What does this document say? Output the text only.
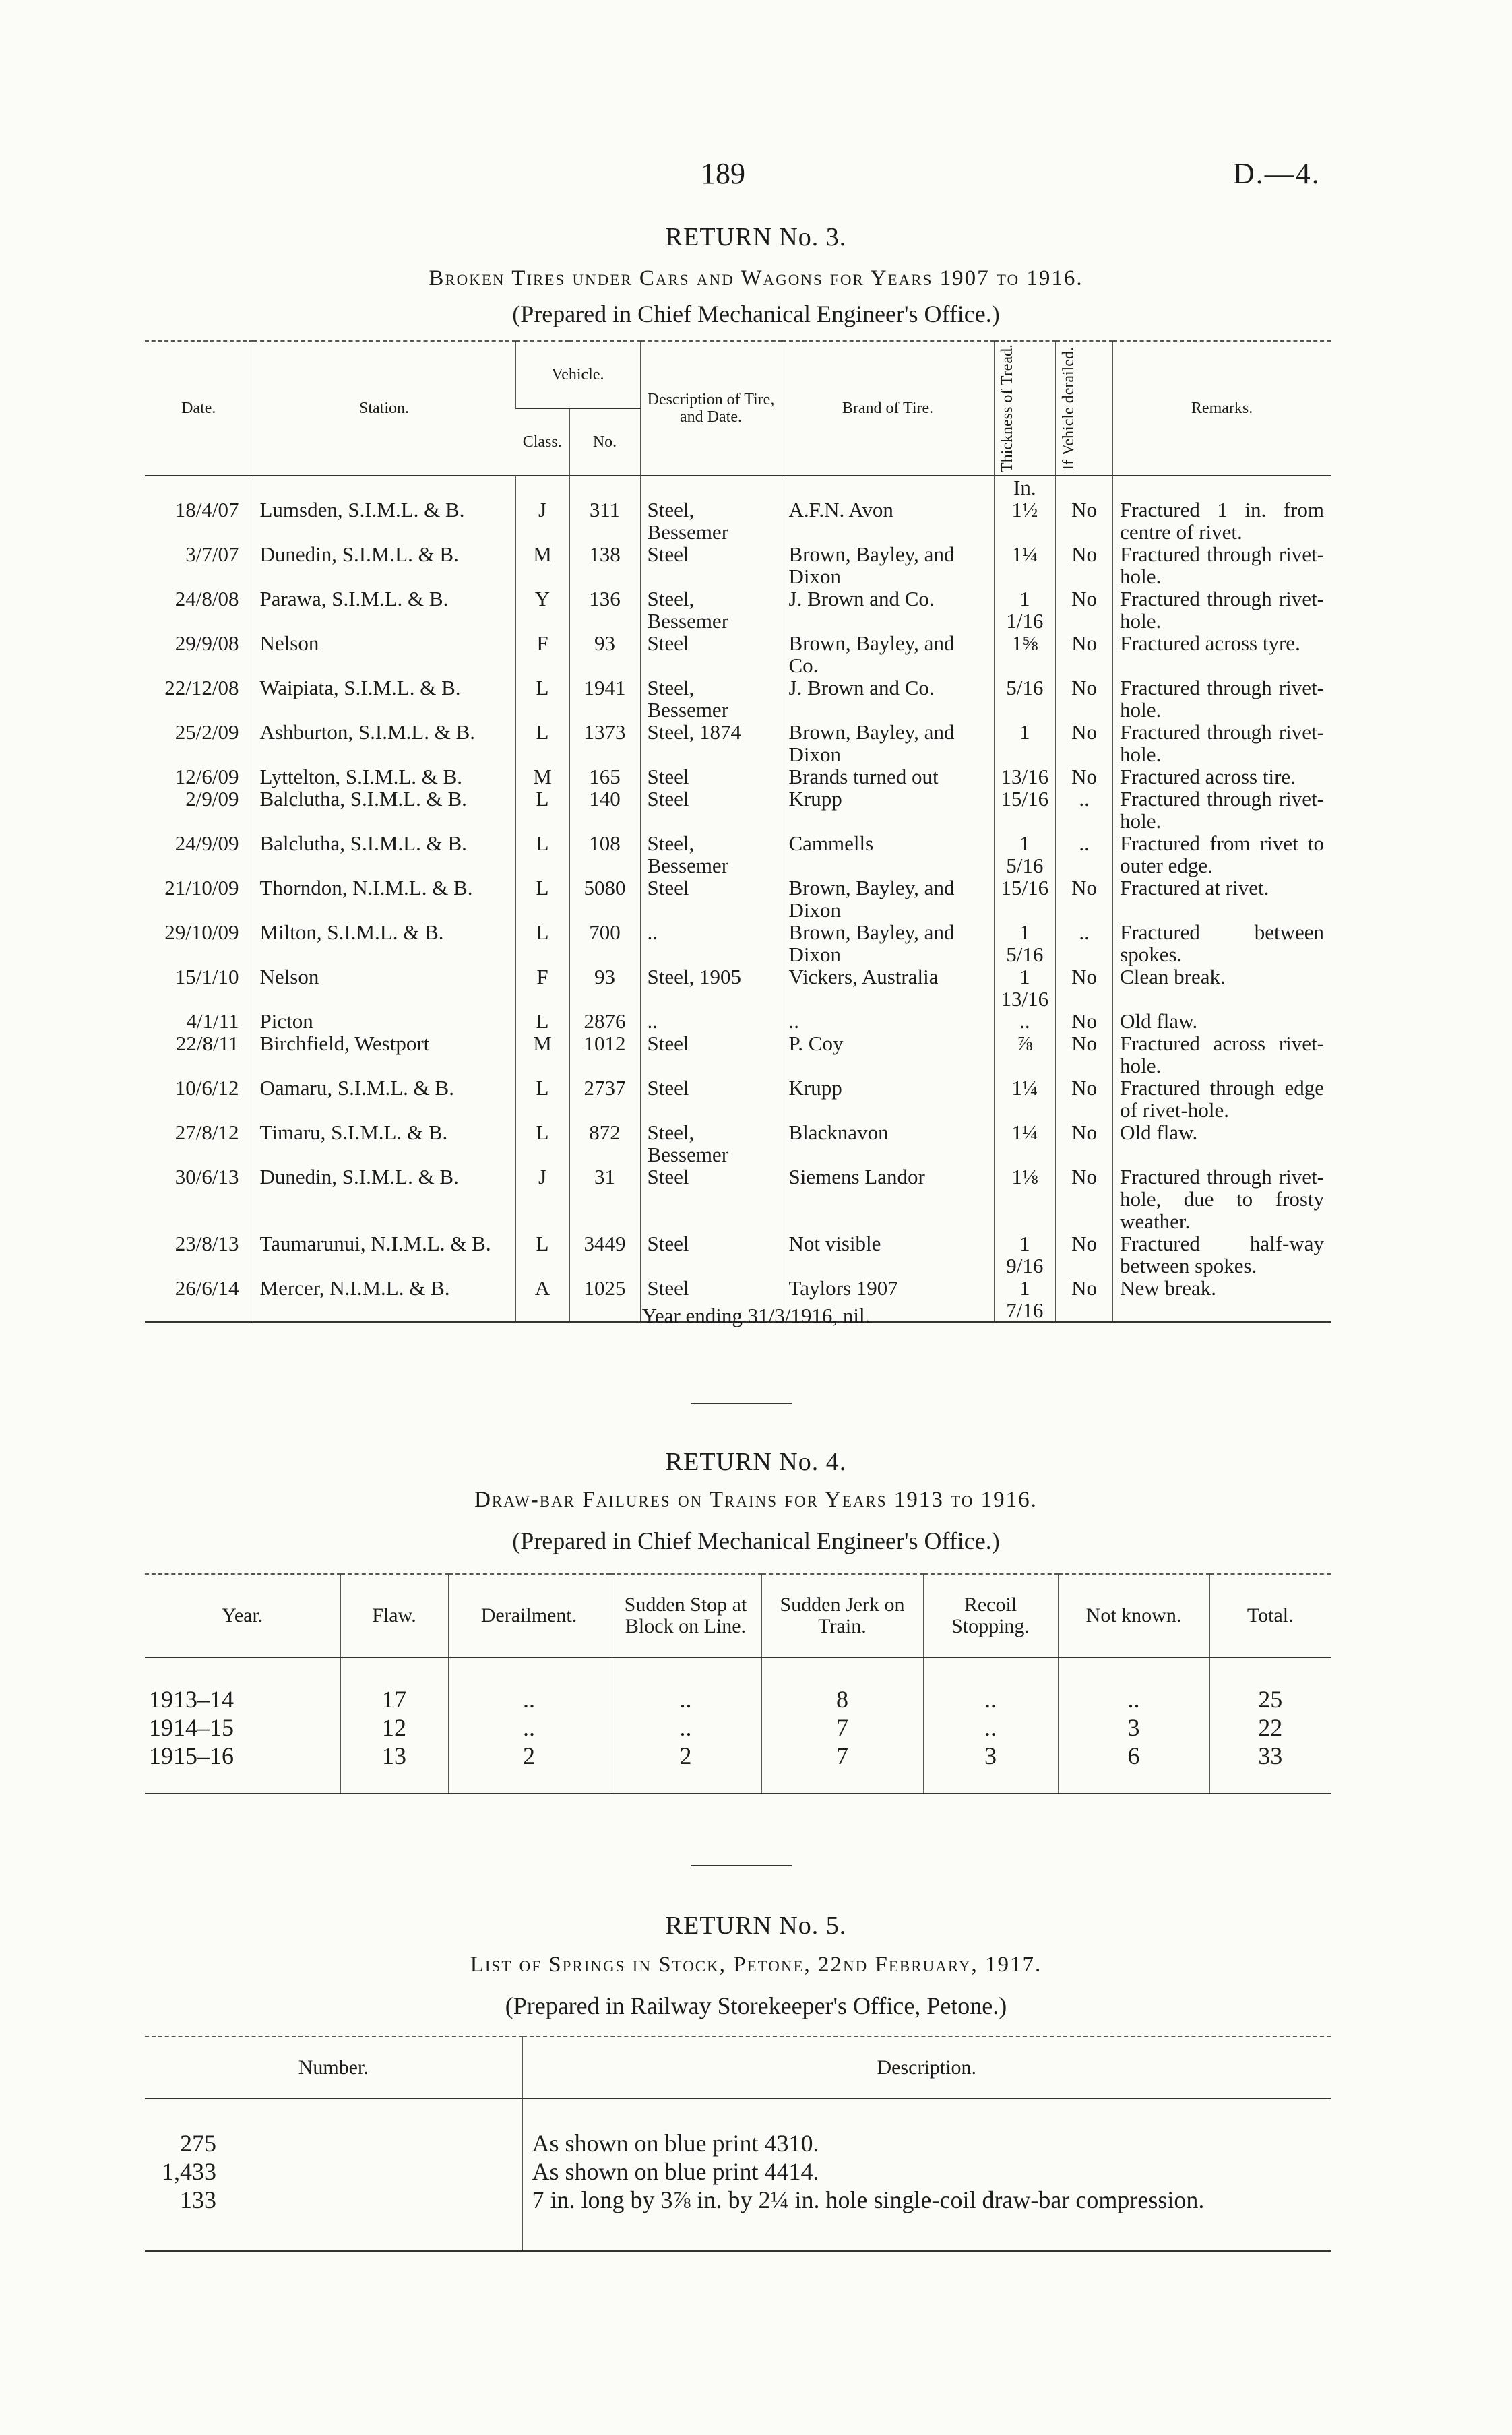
189	D.—4.
RETURN No. 3.
Broken Tires under Cars and Wagons for Years 1907 to 1916.
(Prepared in Chief Mechanical Engineer's Office.)
Date.	Station.	Vehicle.		Description of Tire, and Date.	Brand of Tire.	Thickness of Tread.	If Vehicle derailed.	Remarks.
		Class.	No.					
						In.		
18/4/07	Lumsden, S.I.M.L. & B.	J	311	Steel, Bessemer	A.F.N. Avon	1½	No	Fractured 1 in. from centre of rivet.
3/7/07	Dunedin, S.I.M.L. & B.	M	138	Steel	Brown, Bayley, and Dixon	1¼	No	Fractured through rivet-hole.
24/8/08	Parawa, S.I.M.L. & B.	Y	136	Steel, Bessemer	J. Brown and Co.	1 1/16	No	Fractured through rivet-hole.
29/9/08	Nelson	F	93	Steel	Brown, Bayley, and Co.	1⅝	No	Fractured across tyre.
22/12/08	Waipiata, S.I.M.L. & B.	L	1941	Steel, Bessemer	J. Brown and Co.	5/16	No	Fractured through rivet-hole.
25/2/09	Ashburton, S.I.M.L. & B.	L	1373	Steel, 1874	Brown, Bayley, and Dixon	1	No	Fractured through rivet-hole.
12/6/09	Lyttelton, S.I.M.L. & B.	M	165	Steel	Brands turned out	13/16	No	Fractured across tire.
2/9/09	Balclutha, S.I.M.L. & B.	L	140	Steel	Krupp	15/16	..	Fractured through rivet-hole.
24/9/09	Balclutha, S.I.M.L. & B.	L	108	Steel, Bessemer	Cammells	1 5/16	..	Fractured from rivet to outer edge.
21/10/09	Thorndon, N.I.M.L. & B.	L	5080	Steel	Brown, Bayley, and Dixon	15/16	No	Fractured at rivet.
29/10/09	Milton, S.I.M.L. & B.	L	700	..	Brown, Bayley, and Dixon	1 5/16	..	Fractured between spokes.
15/1/10	Nelson	F	93	Steel, 1905	Vickers, Australia	1 13/16	No	Clean break.
4/1/11	Picton	L	2876	..	..	..	No	Old flaw.
22/8/11	Birchfield, Westport	M	1012	Steel	P. Coy	⅞	No	Fractured across rivet-hole.
10/6/12	Oamaru, S.I.M.L. & B.	L	2737	Steel	Krupp	1¼	No	Fractured through edge of rivet-hole.
27/8/12	Timaru, S.I.M.L. & B.	L	872	Steel, Bessemer	Blacknavon	1¼	No	Old flaw.
30/6/13	Dunedin, S.I.M.L. & B.	J	31	Steel	Siemens Landor	1⅛	No	Fractured through rivet-hole, due to frosty weather.
23/8/13	Taumarunui, N.I.M.L. & B.	L	3449	Steel	Not visible	1 9/16	No	Fractured half-way between spokes.
26/6/14	Mercer, N.I.M.L. & B.	A	1025	Steel	Taylors 1907	1 7/16	No	New break.
Year ending 31/3/1916, nil.
RETURN No. 4.
Draw-bar Failures on Trains for Years 1913 to 1916.
(Prepared in Chief Mechanical Engineer's Office.)
Year.	Flaw.	Derailment.	Sudden Stop at Block on Line.	Sudden Jerk on Train.	Recoil Stopping.	Not known.	Total.

1913–14	17	..	..	8	..	..	25
1914–15	12	..	..	7	..	3	22
1915–16	13	2	2	7	3	6	33

RETURN No. 5.
List of Springs in Stock, Petone, 22nd February, 1917.
(Prepared in Railway Storekeeper's Office, Petone.)
Number.	Description.

275	As shown on blue print 4310.

1,433	As shown on blue print 4414.

133	7 in. long by 3⅞ in. by 2¼ in. hole single-coil draw-bar compression.
